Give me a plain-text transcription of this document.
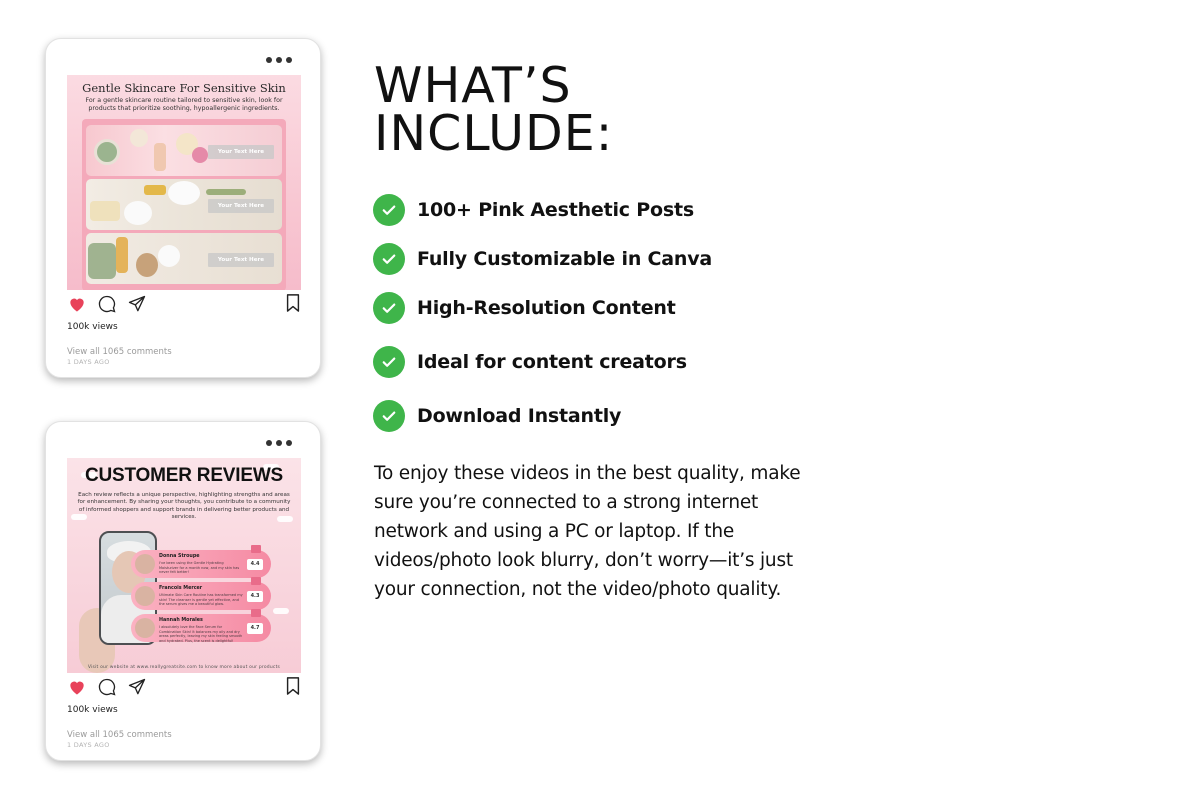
Gentle Skincare For Sensitive Skin
For a gentle skincare routine tailored to sensitive skin, look for products that prioritize soothing, hypoallergenic ingredients.
Your Text Here
Your Text Here
Your Text Here
100k views
View all 1065 comments
1 DAYS AGO
CUSTOMER REVIEWS
Each review reflects a unique perspective, highlighting strengths and areas for enhancement. By sharing your thoughts, you contribute to a community of informed shoppers and support brands in delivering better products and services.
Donna Stroupe
I've been using the Gentle Hydrating Moisturizer for a month now, and my skin has never felt better!
4.4
Francois Mercer
Ultimate Skin Care Routine has transformed my skin! The cleanser is gentle yet effective, and the serum gives me a beautiful glow.
4.3
Hannah Morales
I absolutely love the Face Serum for Combination Skin! It balances my oily and dry areas perfectly, leaving my skin feeling smooth and hydrated. Plus, the scent is delightful!
4.7
Visit our website at www.reallygreatsite.com to know more about our products
100k views
View all 1065 comments
1 DAYS AGO
WHAT’S
INCLUDE:
100+ Pink Aesthetic Posts
Fully Customizable in Canva
High-Resolution Content
Ideal for content creators
Download Instantly
To enjoy these videos in the best quality, make sure you’re connected to a strong internet network and using a PC or laptop. If the videos/photo look blurry, don’t worry—it’s just your connection, not the video/photo quality.
